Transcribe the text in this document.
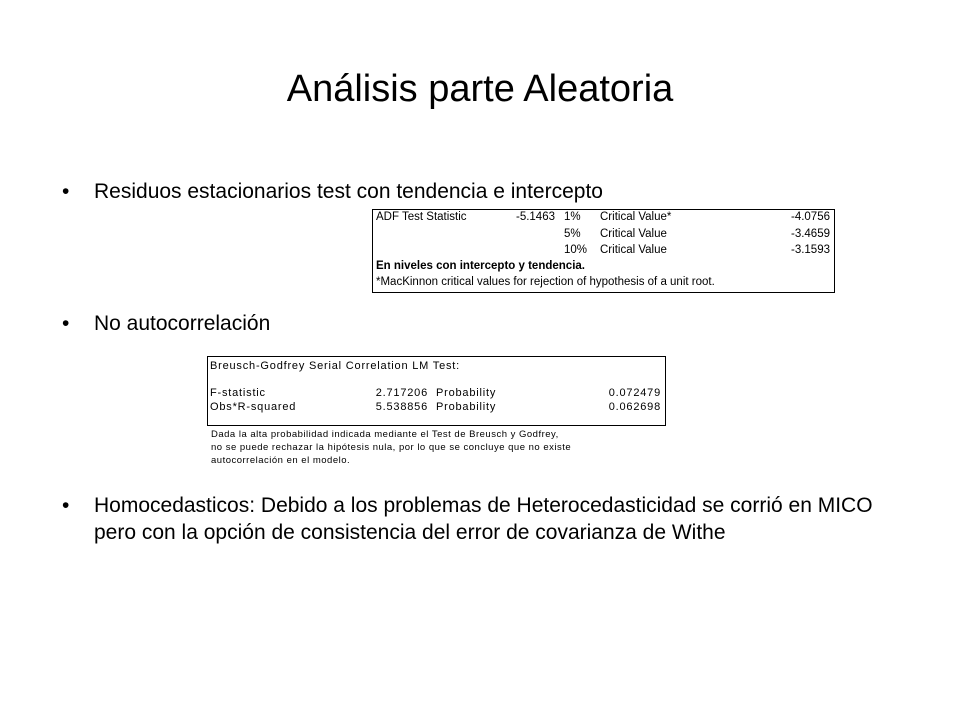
Análisis parte Aleatoria
• Residuos estacionarios test con tendencia e intercepto
ADF Test Statistic	-5.1463 1%	Critical Value*	-4.0756
5%	Critical Value	-3.4659
10%	Critical Value	-3.1593
En niveles con intercepto y tendencia.
*MacKinnon critical values for rejection of hypothesis of a unit root.
• No autocorrelación
Breusch-Godfrey Serial Correlation LM Test:
F-statistic	2.717206 Probability	0.072479
Obs*R-squared	5.538856 Probability	0.062698
Dada la alta probabilidad indicada mediante el Test de Breusch y Godfrey,
no se puede rechazar la hipótesis nula, por lo que se concluye que no existe
autocorrelación en el modelo.
• Homocedasticos: Debido a los problemas de Heterocedasticidad se corrió en MICO pero con la opción de consistencia del error de covarianza de Withe
